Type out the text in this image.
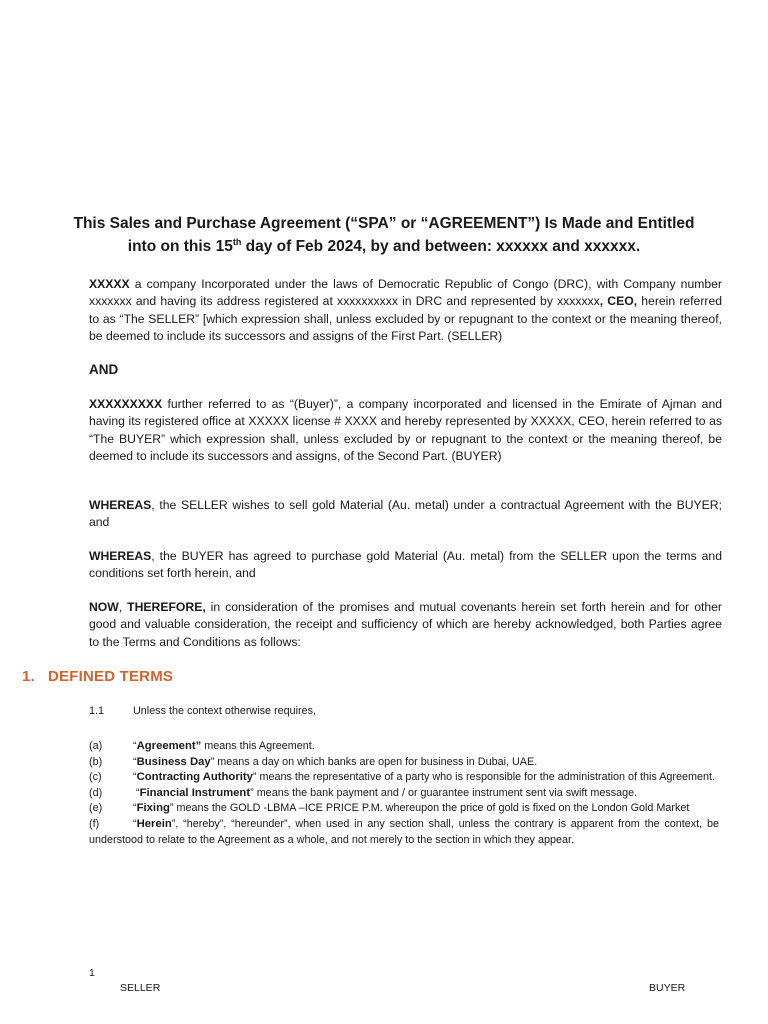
This Sales and Purchase Agreement (“SPA” or “AGREEMENT”) Is Made and Entitled
into on this 15th day of Feb 2024, by and between: xxxxxx and xxxxxx.
XXXXX a company Incorporated under the laws of Democratic Republic of Congo (DRC), with Company number xxxxxxx and having its address registered at xxxxxxxxxx in DRC and represented by xxxxxxx, CEO, herein referred to as “The SELLER” [which expression shall, unless excluded by or repugnant to the context or the meaning thereof, be deemed to include its successors and assigns of the First Part. (SELLER)
AND
XXXXXXXXX further referred to as “(Buyer)”, a company incorporated and licensed in the Emirate of Ajman and having its registered office at XXXXX license # XXXX and hereby represented by XXXXX, CEO, herein referred to as “The BUYER” which expression shall, unless excluded by or repugnant to the context or the meaning thereof, be deemed to include its successors and assigns, of the Second Part. (BUYER)
WHEREAS, the SELLER wishes to sell gold Material (Au. metal) under a contractual Agreement with the BUYER; and
WHEREAS, the BUYER has agreed to purchase gold Material (Au. metal) from the SELLER upon the terms and conditions set forth herein, and
NOW, THEREFORE, in consideration of the promises and mutual covenants herein set forth herein and for other good and valuable consideration, the receipt and sufficiency of which are hereby acknowledged, both Parties agree to the Terms and Conditions as follows:
1. DEFINED TERMS
1.1	Unless the context otherwise requires,
(a)	“Agreement” means this Agreement.
(b)	“Business Day” means a day on which banks are open for business in Dubai, UAE.
(c)	“Contracting Authority” means the representative of a party who is responsible for the administration of this Agreement.
(d)	“Financial Instrument” means the bank payment and / or guarantee instrument sent via swift message.
(e)	“Fixing” means the GOLD -LBMA –ICE PRICE P.M. whereupon the price of gold is fixed on the London Gold Market
(f)	“Herein”, “hereby”, “hereunder”, when used in any section shall, unless the contrary is apparent from the context, be understood to relate to the Agreement as a whole, and not merely to the section in which they appear.
1
SELLER	BUYER
